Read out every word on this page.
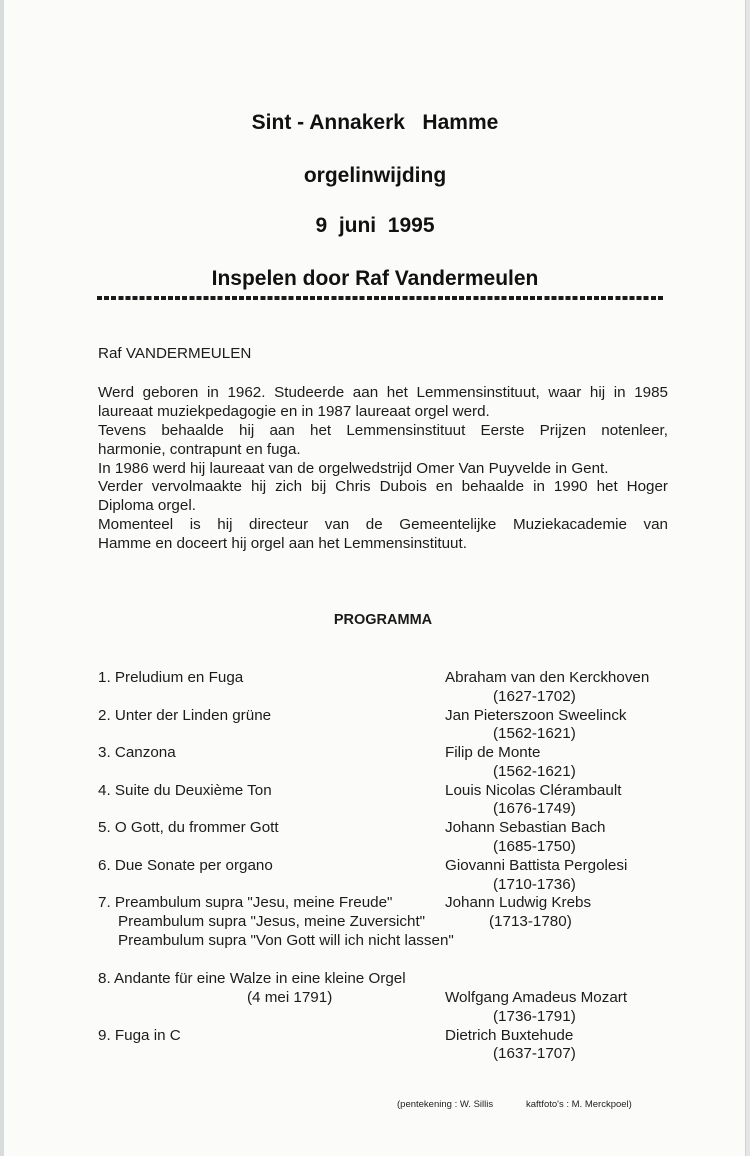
Sint - Annakerk   Hamme
orgelinwijding
9  juni  1995
Inspelen door Raf Vandermeulen
Raf VANDERMEULEN
Werd geboren in 1962. Studeerde aan het Lemmensinstituut, waar hij in 1985
laureaat muziekpedagogie en in 1987 laureaat orgel werd.
Tevens behaalde hij aan het Lemmensinstituut Eerste Prijzen notenleer,
harmonie, contrapunt en fuga.
In 1986 werd hij laureaat van de orgelwedstrijd Omer Van Puyvelde in Gent.
Verder vervolmaakte hij zich bij Chris Dubois en behaalde in 1990 het Hoger
Diploma orgel.
Momenteel is hij directeur van de Gemeentelijke Muziekacademie van
Hamme en doceert hij orgel aan het Lemmensinstituut.
PROGRAMMA
1. Preludium en Fuga	Abraham van den Kerckhoven
(1627-1702)
2. Unter der Linden grüne	Jan Pieterszoon Sweelinck
(1562-1621)
3. Canzona	Filip de Monte
(1562-1621)
4. Suite du Deuxième Ton	Louis Nicolas Clérambault
(1676-1749)
5. O Gott, du frommer Gott	Johann Sebastian Bach
(1685-1750)
6. Due Sonate per organo	Giovanni Battista Pergolesi
(1710-1736)
7. Preambulum supra "Jesu, meine Freude"	Johann Ludwig Krebs
Preambulum supra "Jesus, meine Zuversicht"	(1713-1780)
Preambulum supra "Von Gott will ich nicht lassen"
8. Andante für eine Walze in eine kleine Orgel
(4 mei 1791)	Wolfgang Amadeus Mozart
(1736-1791)
9. Fuga in C	Dietrich Buxtehude
(1637-1707)
(pentekening : W. Sillis	kaftfoto's : M. Merckpoel)
